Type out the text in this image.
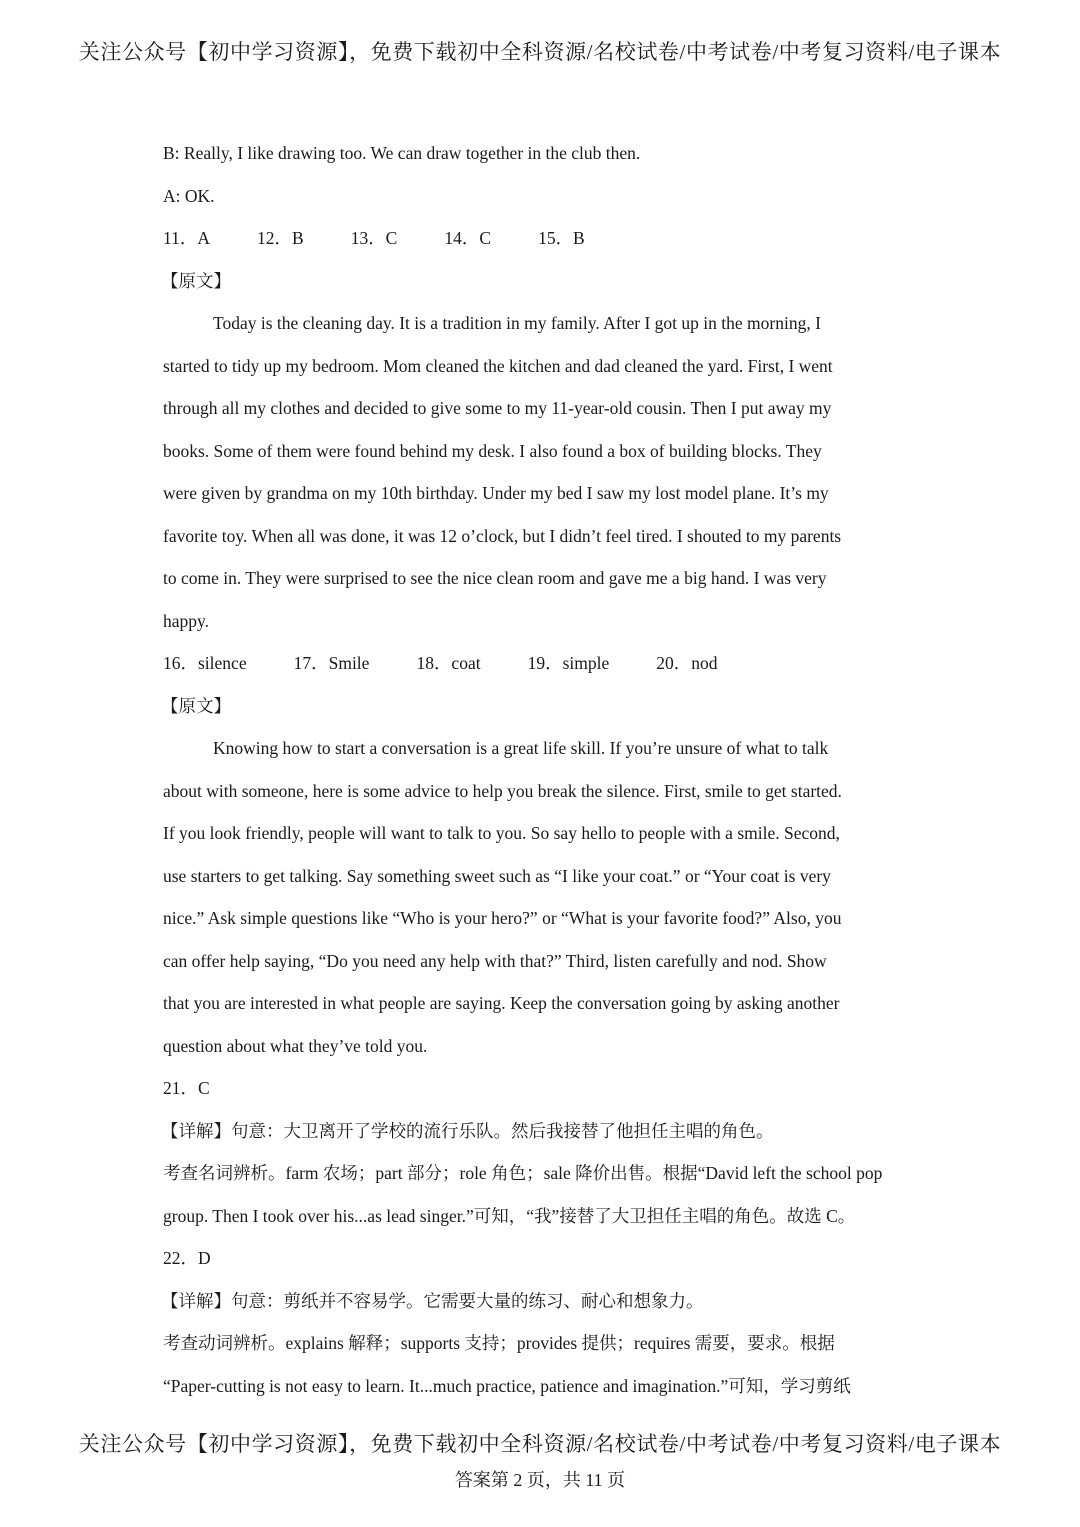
关注公众号【初中学习资源】，免费下载初中全科资源/名校试卷/中考试卷/中考复习资料/电子课本
B: Really, I like drawing too. We can draw together in the club then.
A: OK.
11．A	12．B	13．C	14．C	15．B
【原文】
Today is the cleaning day. It is a tradition in my family. After I got up in the morning, I
started to tidy up my bedroom. Mom cleaned the kitchen and dad cleaned the yard. First, I went
through all my clothes and decided to give some to my 11-year-old cousin. Then I put away my
books. Some of them were found behind my desk. I also found a box of building blocks. They
were given by grandma on my 10th birthday. Under my bed I saw my lost model plane. It’s my
favorite toy. When all was done, it was 12 o’clock, but I didn’t feel tired. I shouted to my parents
to come in. They were surprised to see the nice clean room and gave me a big hand. I was very
happy.
16．silence	17．Smile	18．coat	19．simple	20．nod
【原文】
Knowing how to start a conversation is a great life skill. If you’re unsure of what to talk
about with someone, here is some advice to help you break the silence. First, smile to get started.
If you look friendly, people will want to talk to you. So say hello to people with a smile. Second,
use starters to get talking. Say something sweet such as “I like your coat.” or “Your coat is very
nice.” Ask simple questions like “Who is your hero?” or “What is your favorite food?” Also, you
can offer help saying, “Do you need any help with that?” Third, listen carefully and nod. Show
that you are interested in what people are saying. Keep the conversation going by asking another
question about what they’ve told you.
21．C
【详解】句意：大卫离开了学校的流行乐队。然后我接替了他担任主唱的角色。
考查名词辨析。farm 农场；part 部分；role 角色；sale 降价出售。根据“David left the school pop
group. Then I took over his...as lead singer.”可知，“我”接替了大卫担任主唱的角色。故选 C。
22．D
【详解】句意：剪纸并不容易学。它需要大量的练习、耐心和想象力。
考查动词辨析。explains 解释；supports 支持；provides 提供；requires 需要，要求。根据
“Paper-cutting is not easy to learn. It...much practice, patience and imagination.”可知，学习剪纸
关注公众号【初中学习资源】，免费下载初中全科资源/名校试卷/中考试卷/中考复习资料/电子课本
答案第 2 页，共 11 页
